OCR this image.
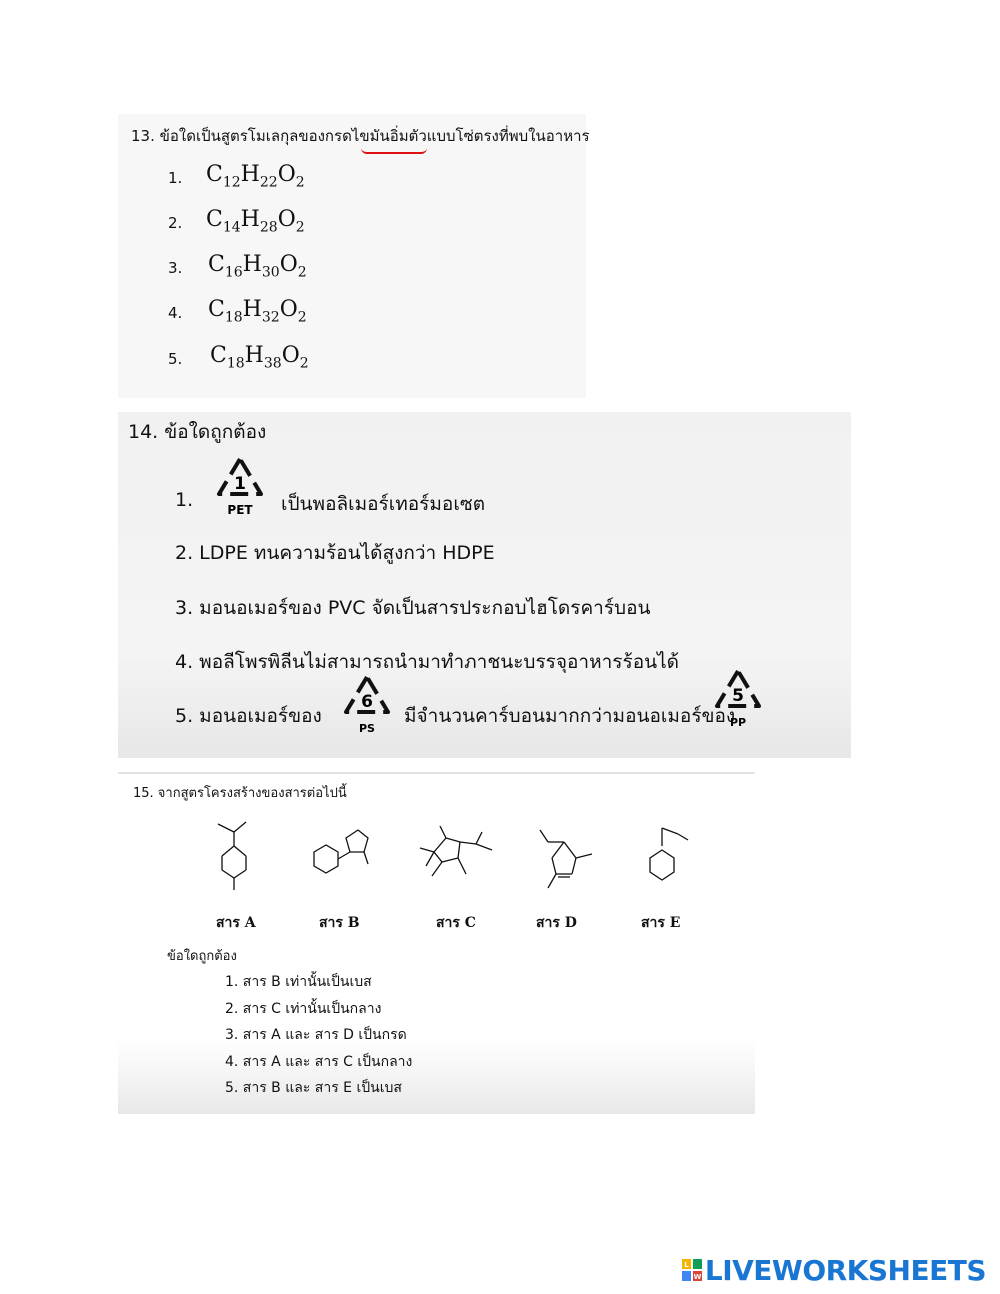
13. ข้อใดเป็นสูตรโมเลกุลของกรดไขมันอิ่มตัวแบบโซ่ตรงที่พบในอาหาร
1. $C_{12}H_{22}O_2$
2. $C_{14}H_{28}O_2$
3. $C_{16}H_{30}O_2$
4. $C_{18}H_{32}O_2$
5. $C_{18}H_{38}O_2$
14. ข้อใดถูกต้อง
1.
1
PET เป็นพอลิเมอร์เทอร์มอเซต
2. LDPE ทนความร้อนได้สูงกว่า HDPE
3. มอนอเมอร์ของ PVC จัดเป็นสารประกอบไฮโดรคาร์บอน
4. พอลีโพรพิลีนไม่สามารถนำมาทำภาชนะบรรจุอาหารร้อนได้
5. มอนอเมอร์ของ
6
PS
มีจำนวนคาร์บอนมากกว่ามอนอเมอร์ของ
5
PP
15. จากสูตรโครงสร้างของสารต่อไปนี้
สาร A	สาร B	สาร C	สาร D	สาร E
ข้อใดถูกต้อง
1. สาร B เท่านั้นเป็นเบส
2. สาร C เท่านั้นเป็นกลาง
3. สาร A และ สาร D เป็นกรด
4. สาร A และ สาร C เป็นกลาง
5. สาร B และ สาร E เป็นเบส
L
W LIVEWORKSHEETS
